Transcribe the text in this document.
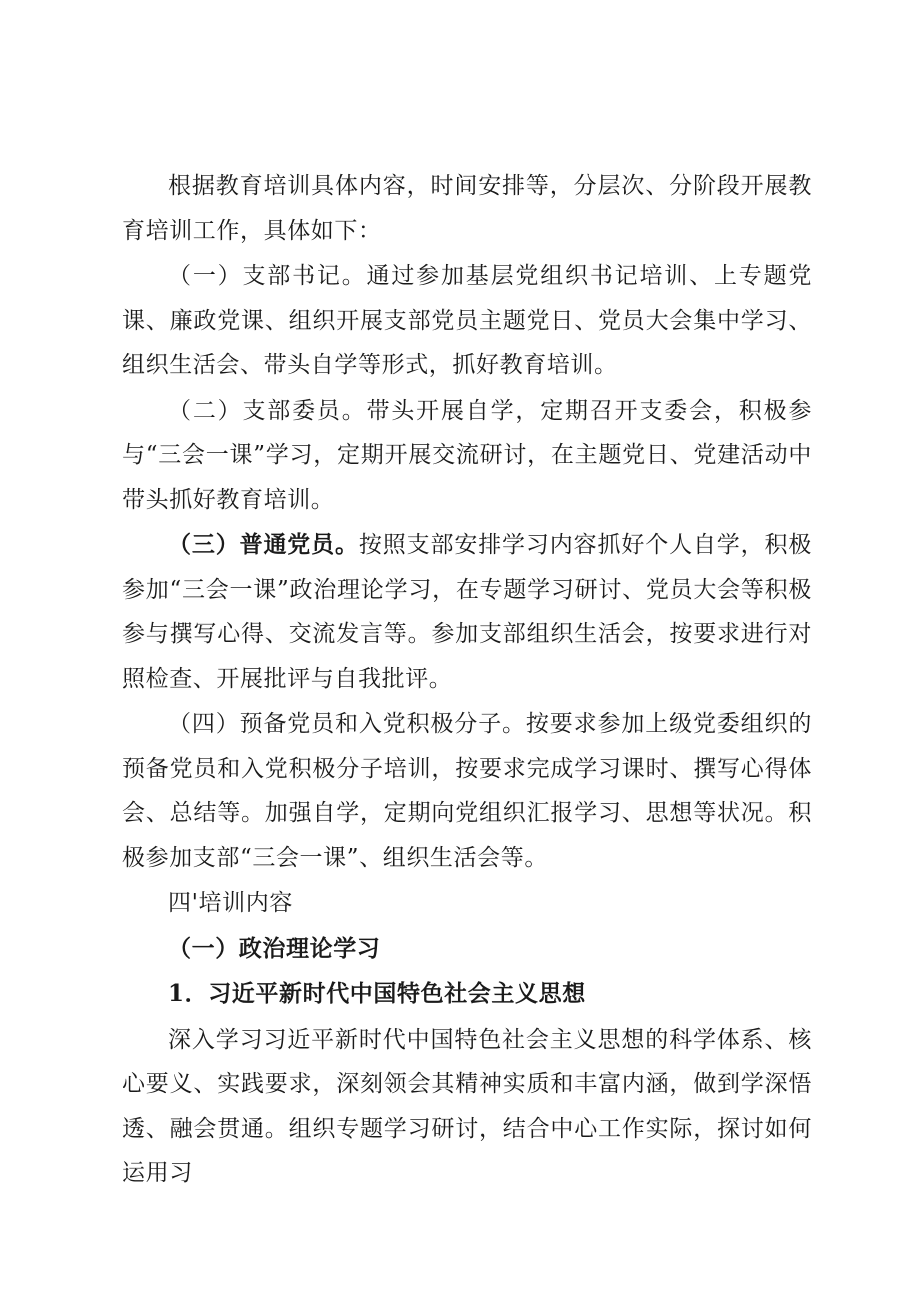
根据教育培训具体内容，时间安排等，分层次、分阶段开展教育培训工作，具体如下：

（一）支部书记。通过参加基层党组织书记培训、上专题党课、廉政党课、组织开展支部党员主题党日、党员大会集中学习、组织生活会、带头自学等形式，抓好教育培训。

（二）支部委员。带头开展自学，定期召开支委会，积极参与“三会一课”学习，定期开展交流研讨，在主题党日、党建活动中带头抓好教育培训。

（三）普通党员。按照支部安排学习内容抓好个人自学，积极参加“三会一课”政治理论学习，在专题学习研讨、党员大会等积极参与撰写心得、交流发言等。参加支部组织生活会，按要求进行对照检查、开展批评与自我批评。

（四）预备党员和入党积极分子。按要求参加上级党委组织的预备党员和入党积极分子培训，按要求完成学习课时、撰写心得体会、总结等。加强自学，定期向党组织汇报学习、思想等状况。积极参加支部“三会一课”、组织生活会等。

四'培训内容

（一）政治理论学习

1．习近平新时代中国特色社会主义思想

深入学习习近平新时代中国特色社会主义思想的科学体系、核心要义、实践要求，深刻领会其精神实质和丰富内涵，做到学深悟透、融会贯通。组织专题学习研讨，结合中心工作实际，探讨如何运用习
